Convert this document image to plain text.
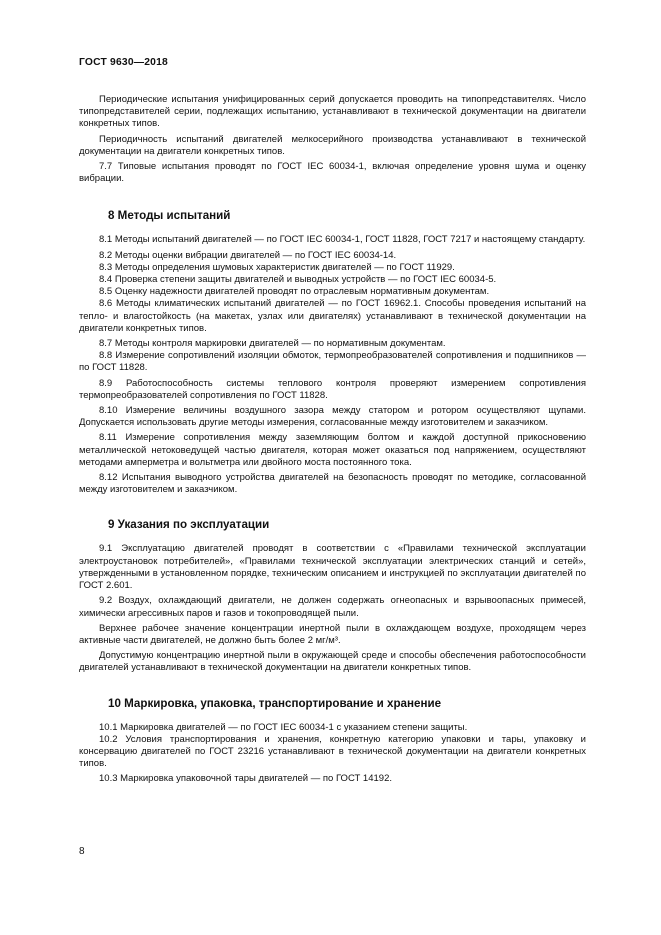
ГОСТ 9630—2018

Периодические испытания унифицированных серий допускается проводить на типопредставителях. Число типопредставителей серии, подлежащих испытанию, устанавливают в технической документации на двигатели конкретных типов.

Периодичность испытаний двигателей мелкосерийного производства устанавливают в технической документации на двигатели конкретных типов.

7.7 Типовые испытания проводят по ГОСТ IEC 60034-1, включая определение уровня шума и оценку вибрации.

8 Методы испытаний

8.1 Методы испытаний двигателей — по ГОСТ IEC 60034-1, ГОСТ 11828, ГОСТ 7217 и настоящему стандарту.

8.2 Методы оценки вибрации двигателей — по ГОСТ IEC 60034-14.

8.3 Методы определения шумовых характеристик двигателей — по ГОСТ 11929.

8.4 Проверка степени защиты двигателей и выводных устройств — по ГОСТ IEC 60034-5.

8.5 Оценку надежности двигателей проводят по отраслевым нормативным документам.

8.6 Методы климатических испытаний двигателей — по ГОСТ 16962.1. Способы проведения испытаний на тепло- и влагостойкость (на макетах, узлах или двигателях) устанавливают в технической документации на двигатели конкретных типов.

8.7 Методы контроля маркировки двигателей — по нормативным документам.

8.8 Измерение сопротивлений изоляции обмоток, термопреобразователей сопротивления и подшипников — по ГОСТ 11828.

8.9 Работоспособность системы теплового контроля проверяют измерением сопротивления термопреобразователей сопротивления по ГОСТ 11828.

8.10 Измерение величины воздушного зазора между статором и ротором осуществляют щупами. Допускается использовать другие методы измерения, согласованные между изготовителем и заказчиком.

8.11 Измерение сопротивления между заземляющим болтом и каждой доступной прикосновению металлической нетоковедущей частью двигателя, которая может оказаться под напряжением, осуществляют методами амперметра и вольтметра или двойного моста постоянного тока.

8.12 Испытания выводного устройства двигателей на безопасность проводят по методике, согласованной между изготовителем и заказчиком.

9 Указания по эксплуатации

9.1 Эксплуатацию двигателей проводят в соответствии с «Правилами технической эксплуатации электроустановок потребителей», «Правилами технической эксплуатации электрических станций и сетей», утвержденными в установленном порядке, техническим описанием и инструкцией по эксплуатации двигателей по ГОСТ 2.601.

9.2 Воздух, охлаждающий двигатели, не должен содержать огнеопасных и взрывоопасных примесей, химически агрессивных паров и газов и токопроводящей пыли.

Верхнее рабочее значение концентрации инертной пыли в охлаждающем воздухе, проходящем через активные части двигателей, не должно быть более 2 мг/м³.

Допустимую концентрацию инертной пыли в окружающей среде и способы обеспечения работоспособности двигателей устанавливают в технической документации на двигатели конкретных типов.

10 Маркировка, упаковка, транспортирование и хранение

10.1 Маркировка двигателей — по ГОСТ IEC 60034-1 с указанием степени защиты.

10.2 Условия транспортирования и хранения, конкретную категорию упаковки и тары, упаковку и консервацию двигателей по ГОСТ 23216 устанавливают в технической документации на двигатели конкретных типов.

10.3 Маркировка упаковочной тары двигателей — по ГОСТ 14192.

8
